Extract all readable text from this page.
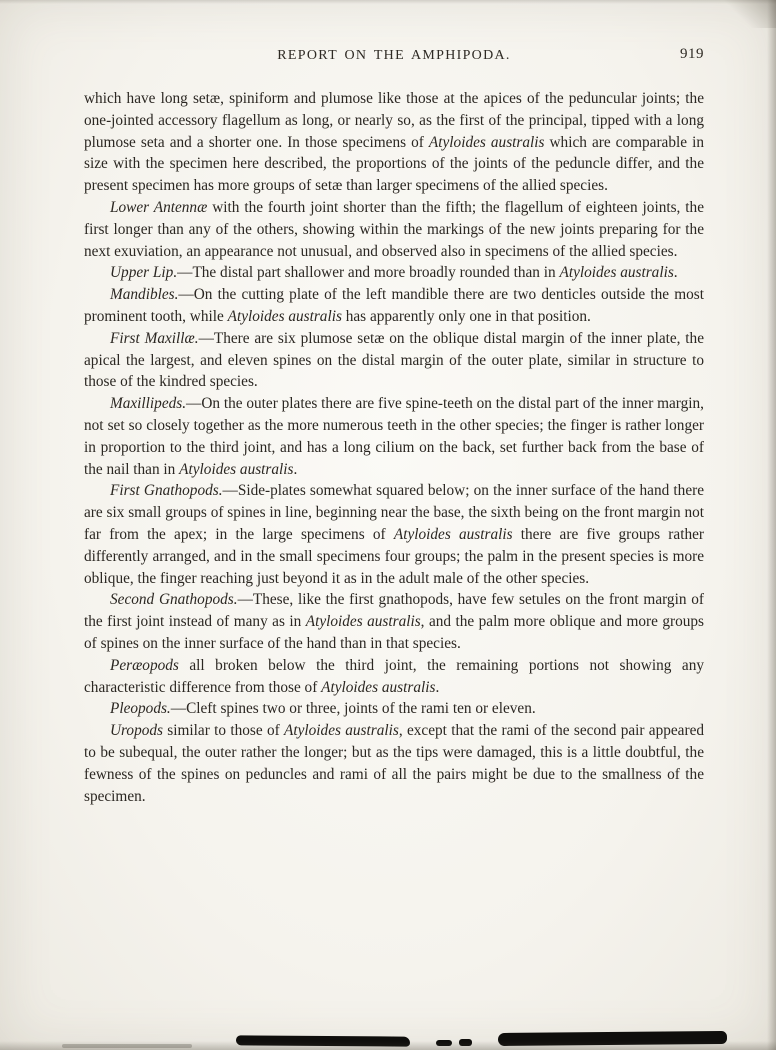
REPORT ON THE AMPHIPODA.	919

which have long setæ, spiniform and plumose like those at the apices of the peduncular joints; the one-jointed accessory flagellum as long, or nearly so, as the first of the principal, tipped with a long plumose seta and a shorter one. In those specimens of Atyloides australis which are comparable in size with the specimen here described, the proportions of the joints of the peduncle differ, and the present specimen has more groups of setæ than larger specimens of the allied species.

Lower Antennæ with the fourth joint shorter than the fifth; the flagellum of eighteen joints, the first longer than any of the others, showing within the markings of the new joints preparing for the next exuviation, an appearance not unusual, and observed also in specimens of the allied species.

Upper Lip.—The distal part shallower and more broadly rounded than in Atyloides australis.

Mandibles.—On the cutting plate of the left mandible there are two denticles outside the most prominent tooth, while Atyloides australis has apparently only one in that position.

First Maxillæ.—There are six plumose setæ on the oblique distal margin of the inner plate, the apical the largest, and eleven spines on the distal margin of the outer plate, similar in structure to those of the kindred species.

Maxillipeds.—On the outer plates there are five spine-teeth on the distal part of the inner margin, not set so closely together as the more numerous teeth in the other species; the finger is rather longer in proportion to the third joint, and has a long cilium on the back, set further back from the base of the nail than in Atyloides australis.

First Gnathopods.—Side-plates somewhat squared below; on the inner surface of the hand there are six small groups of spines in line, beginning near the base, the sixth being on the front margin not far from the apex; in the large specimens of Atyloides australis there are five groups rather differently arranged, and in the small specimens four groups; the palm in the present species is more oblique, the finger reaching just beyond it as in the adult male of the other species.

Second Gnathopods.—These, like the first gnathopods, have few setules on the front margin of the first joint instead of many as in Atyloides australis, and the palm more oblique and more groups of spines on the inner surface of the hand than in that species.

Peræopods all broken below the third joint, the remaining portions not showing any characteristic difference from those of Atyloides australis.

Pleopods.—Cleft spines two or three, joints of the rami ten or eleven.

Uropods similar to those of Atyloides australis, except that the rami of the second pair appeared to be subequal, the outer rather the longer; but as the tips were damaged, this is a little doubtful, the fewness of the spines on peduncles and rami of all the pairs might be due to the smallness of the specimen.
